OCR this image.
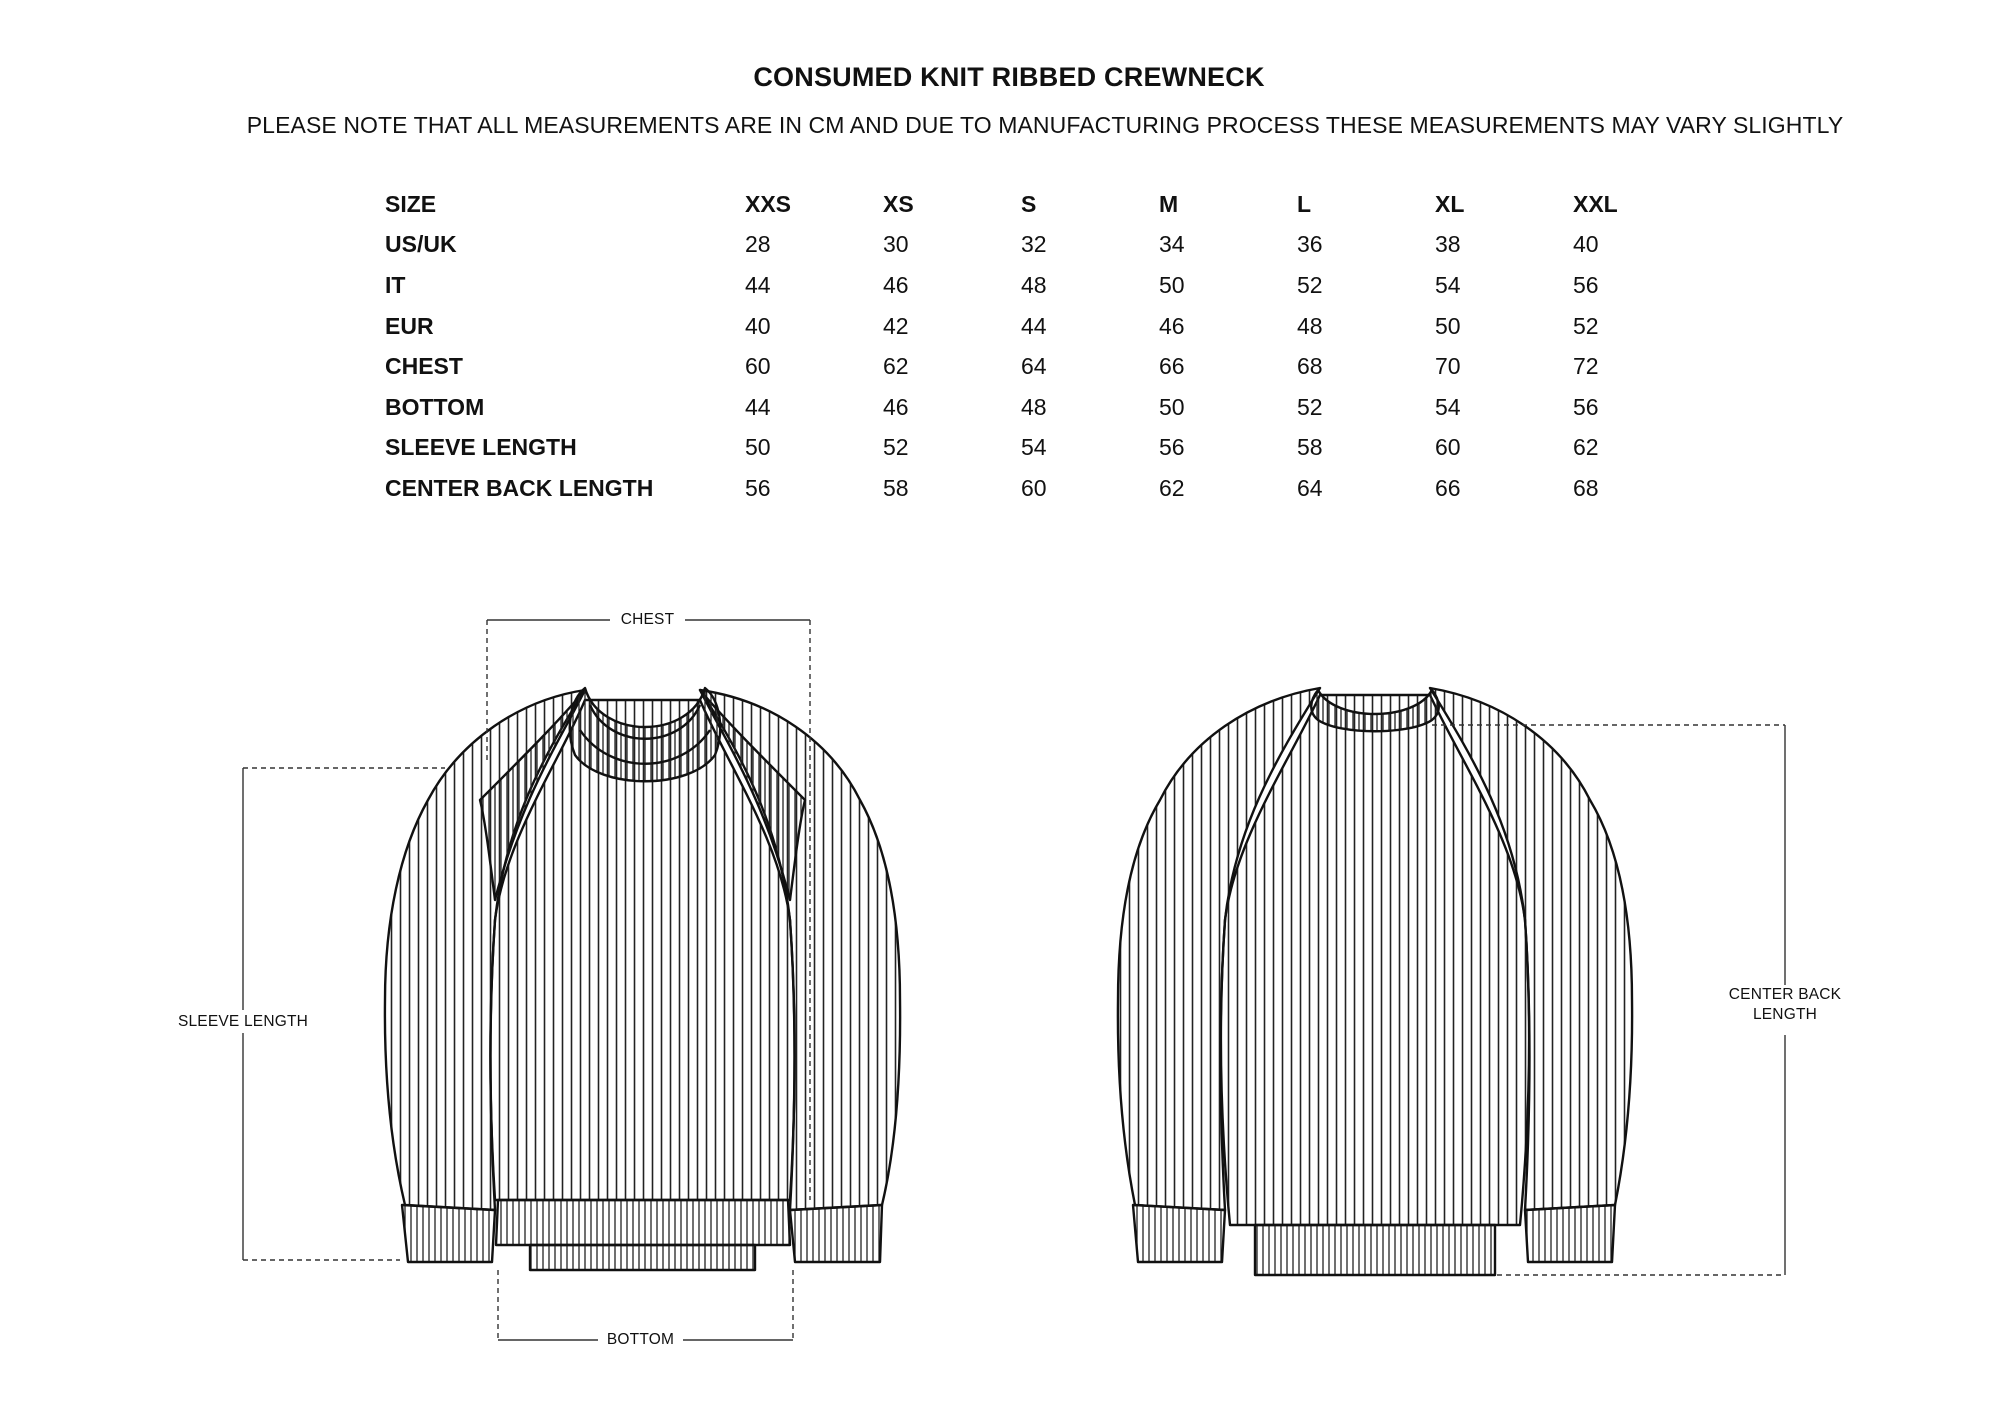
CONSUMED KNIT RIBBED CREWNECK
PLEASE NOTE THAT ALL MEASUREMENTS ARE IN CM AND DUE TO MANUFACTURING PROCESS THESE MEASUREMENTS MAY VARY SLIGHTLY
SIZE	XXS	XS	S	M	L	XL	XXL
US/UK	28	30	32	34	36	38	40
IT	44	46	48	50	52	54	56
EUR	40	42	44	46	48	50	52
CHEST	60	62	64	66	68	70	72
BOTTOM	44	46	48	50	52	54	56
SLEEVE LENGTH	50	52	54	56	58	60	62
CENTER BACK LENGTH	56	58	60	62	64	66	68
CHEST
BOTTOM
SLEEVE LENGTH
CENTER BACK
LENGTH
